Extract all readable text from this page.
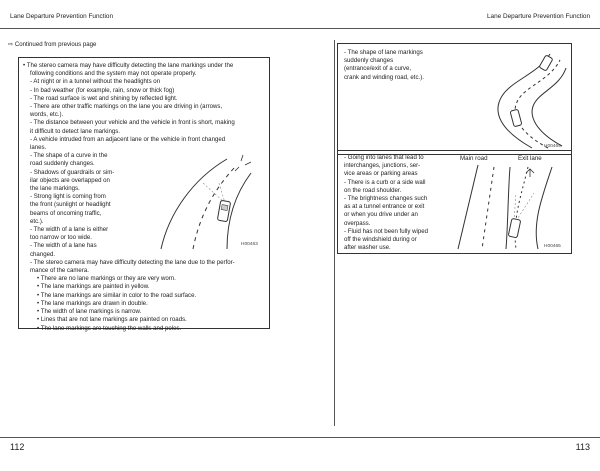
Lane Departure Prevention Function	Lane Departure Prevention Function
⇨ Continued from previous page
• The stereo camera may have difficulty detecting the lane markings under the
following conditions and the system may not operate properly.
- At night or in a tunnel without the headlights on
- In bad weather (for example, rain, snow or thick fog)
- The road surface is wet and shining by reflected light.
- There are other traffic markings on the lane you are driving in (arrows,
words, etc.).
- The distance between your vehicle and the vehicle in front is short, making
it difficult to detect lane markings.
- A vehicle intruded from an adjacent lane or the vehicle in front changed
lanes.
- The shape of a curve in the
road suddenly changes.
- Shadows of guardrails or sim-
ilar objects are overlapped on
the lane markings.
- Strong light is coming from
the front (sunlight or headlight
beams of oncoming traffic,
etc.).
- The width of a lane is either
too narrow or too wide.
- The width of a lane has
changed.
- The stereo camera may have difficulty detecting the lane due to the perfor-
mance of the camera.
• There are no lane markings or they are very worn.
• The lane markings are painted in yellow.
• The lane markings are similar in color to the road surface.
• The lane markings are drawn in double.
• The width of lane markings is narrow.
• Lines that are not lane markings are painted on roads.
• The lane markings are touching the walls and poles.
H00463
- The shape of lane markings
suddenly changes
(entrance/exit of a curve,
crank and winding road, etc.).
H00464
- Going into lanes that lead to
interchanges, junctions, ser-
vice areas or parking areas
- There is a curb or a side wall
on the road shoulder.
- The brightness changes such
as at a tunnel entrance or exit
or when you drive under an
overpass.
- Fluid has not been fully wiped
off the windshield during or
after washer use.
Main road	Exit lane
H00465
112	113
